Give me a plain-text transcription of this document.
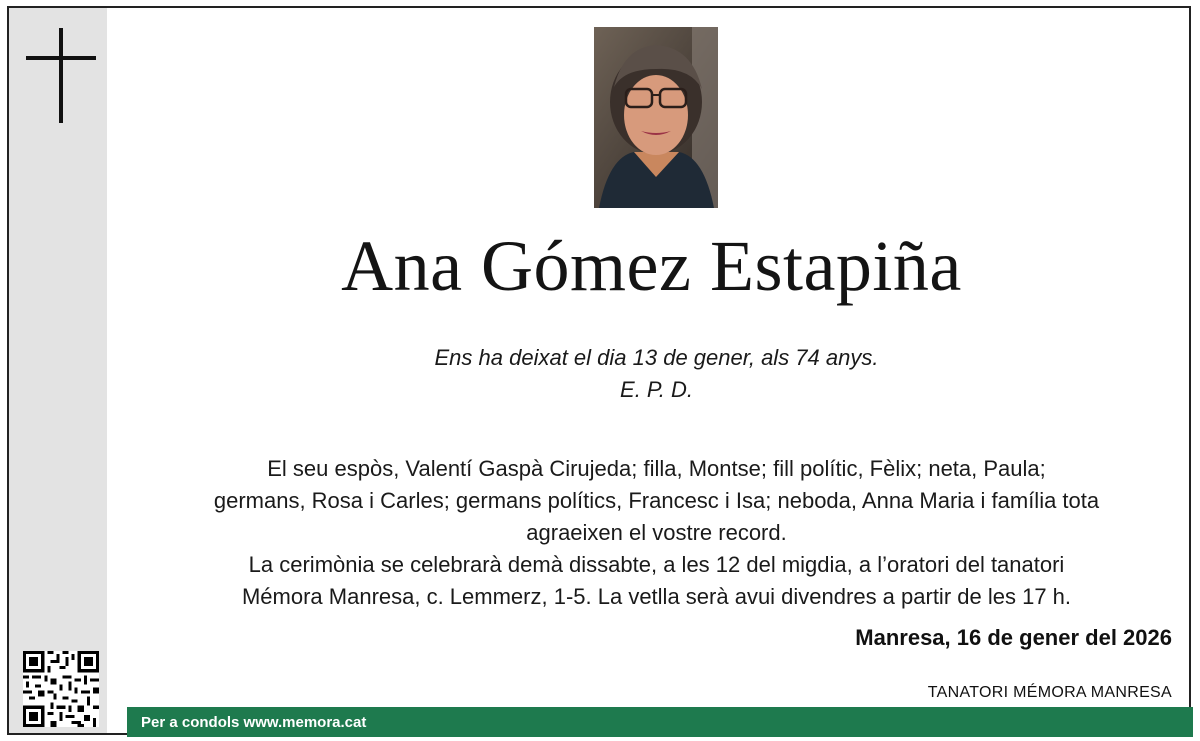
Ana Gómez Estapiña
Ens ha deixat el dia 13 de gener, als 74 anys.
E. P. D.
El seu espòs, Valentí Gaspà Cirujeda; filla, Montse; fill polític, Fèlix; neta, Paula;
germans, Rosa i Carles; germans polítics, Francesc i Isa; neboda, Anna Maria i família tota
agraeixen el vostre record.
La cerimònia se celebrarà demà dissabte, a les 12 del migdia, a l’oratori del tanatori
Mémora Manresa, c. Lemmerz, 1-5. La vetlla serà avui divendres a partir de les 17 h.
Manresa, 16 de gener del 2026
TANATORI MÉMORA MANRESA
Per a condols www.memora.cat
